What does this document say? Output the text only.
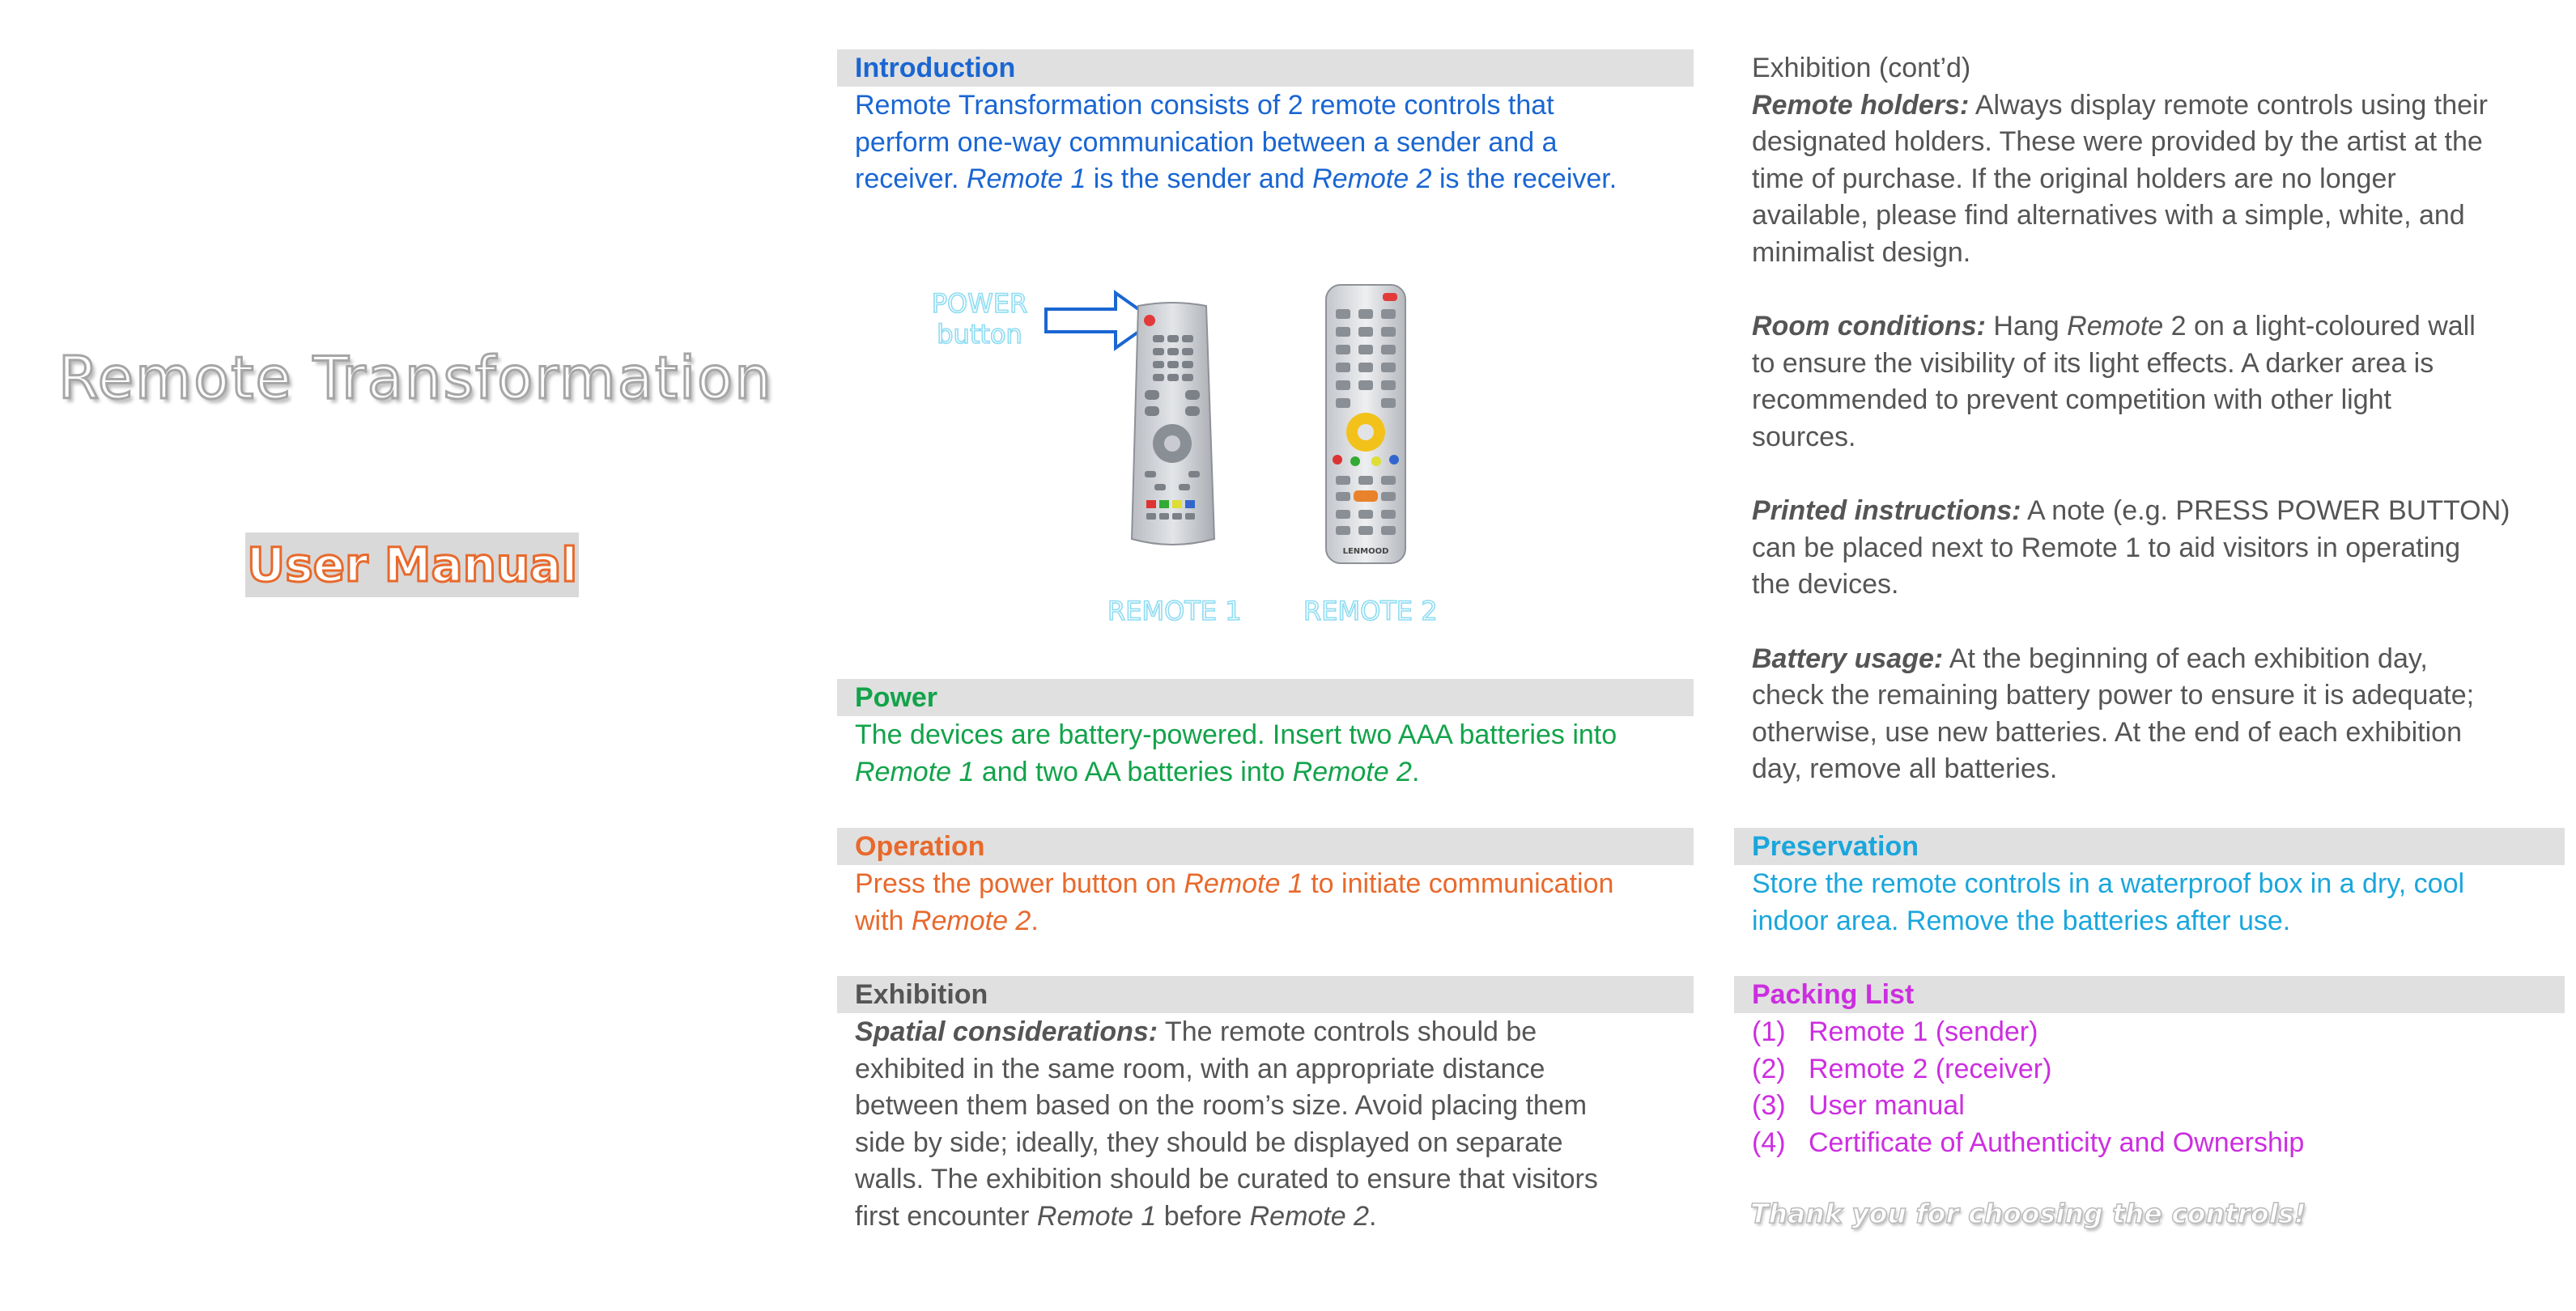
Remote Transformation
User Manual
Introduction
Remote Transformation consists of 2 remote controls that
perform one-way communication between a sender and a
receiver. Remote 1 is the sender and Remote 2 is the receiver.
POWER
button
LENMOOD
REMOTE 1 REMOTE 2
Power
The devices are battery-powered. Insert two AAA batteries into
Remote 1 and two AA batteries into Remote 2.
Operation
Press the power button on Remote 1 to initiate communication
with Remote 2.
Exhibition
Spatial considerations: The remote controls should be
exhibited in the same room, with an appropriate distance
between them based on the room’s size. Avoid placing them
side by side; ideally, they should be displayed on separate
walls. The exhibition should be curated to ensure that visitors
first encounter Remote 1 before Remote 2.
Exhibition (cont’d)
Remote holders: Always display remote controls using their
designated holders. These were provided by the artist at the
time of purchase. If the original holders are no longer
available, please find alternatives with a simple, white, and
minimalist design.
Room conditions: Hang Remote 2 on a light-coloured wall
to ensure the visibility of its light effects. A darker area is
recommended to prevent competition with other light
sources.
Printed instructions: A note (e.g. PRESS POWER BUTTON)
can be placed next to Remote 1 to aid visitors in operating
the devices.
Battery usage: At the beginning of each exhibition day,
check the remaining battery power to ensure it is adequate;
otherwise, use new batteries. At the end of each exhibition
day, remove all batteries.
Preservation
Store the remote controls in a waterproof box in a dry, cool
indoor area. Remove the batteries after use.
Packing List
(1) Remote 1 (sender)
(2) Remote 2 (receiver)
(3) User manual
(4) Certificate of Authenticity and Ownership
Thank you for choosing the controls!
